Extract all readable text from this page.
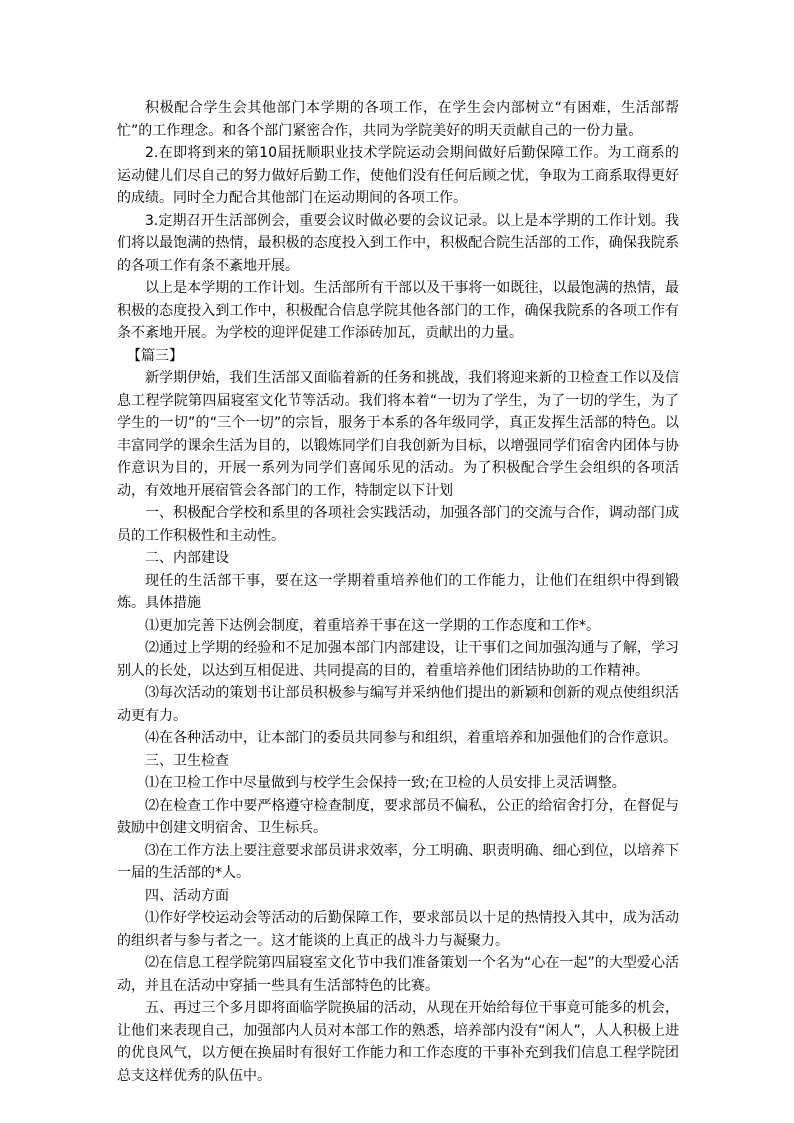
积极配合学生会其他部门本学期的各项工作，在学生会内部树立“有困难，生活部帮忙”的工作理念。和各个部门紧密合作，共同为学院美好的明天贡献自己的一份力量。

2.在即将到来的第10届抚顺职业技术学院运动会期间做好后勤保障工作。为工商系的运动健儿们尽自己的努力做好后勤工作，使他们没有任何后顾之忧，争取为工商系取得更好的成绩。同时全力配合其他部门在运动期间的各项工作。

3.定期召开生活部例会，重要会议时做必要的会议记录。以上是本学期的工作计划。我们将以最饱满的热情，最积极的态度投入到工作中，积极配合院生活部的工作，确保我院系的各项工作有条不紊地开展。

以上是本学期的工作计划。生活部所有干部以及干事将一如既往，以最饱满的热情，最积极的态度投入到工作中，积极配合信息学院其他各部门的工作，确保我院系的各项工作有条不紊地开展。为学校的迎评促建工作添砖加瓦，贡献出的力量。

【篇三】

新学期伊始，我们生活部又面临着新的任务和挑战，我们将迎来新的卫检查工作以及信息工程学院第四届寝室文化节等活动。我们将本着“一切为了学生，为了一切的学生，为了学生的一切”的“三个一切”的宗旨，服务于本系的各年级同学，真正发挥生活部的特色。以丰富同学的课余生活为目的，以锻炼同学们自我创新为目标，以增强同学们宿舍内团体与协作意识为目的，开展一系列为同学们喜闻乐见的活动。为了积极配合学生会组织的各项活动，有效地开展宿管会各部门的工作，特制定以下计划

一、积极配合学校和系里的各项社会实践活动，加强各部门的交流与合作，调动部门成员的工作积极性和主动性。

二、内部建设

现任的生活部干事，要在这一学期着重培养他们的工作能力，让他们在组织中得到锻炼。具体措施

⑴更加完善下达例会制度，着重培养干事在这一学期的工作态度和工作*。

⑵通过上学期的经验和不足加强本部门内部建设，让干事们之间加强沟通与了解，学习别人的长处，以达到互相促进、共同提高的目的，着重培养他们团结协助的工作精神。

⑶每次活动的策划书让部员积极参与编写并采纳他们提出的新颖和创新的观点使组织活动更有力。

⑷在各种活动中，让本部门的委员共同参与和组织，着重培养和加强他们的合作意识。

三、卫生检查

⑴在卫检工作中尽量做到与校学生会保持一致;在卫检的人员安排上灵活调整。

⑵在检查工作中要严格遵守检查制度，要求部员不偏私，公正的给宿舍打分，在督促与鼓励中创建文明宿舍、卫生标兵。

⑶在工作方法上要注意要求部员讲求效率，分工明确、职责明确、细心到位，以培养下一届的生活部的*人。

四、活动方面

⑴作好学校运动会等活动的后勤保障工作，要求部员以十足的热情投入其中，成为活动的组织者与参与者之一。这才能谈的上真正的战斗力与凝聚力。

⑵在信息工程学院第四届寝室文化节中我们准备策划一个名为“心在一起”的大型爱心活动，并且在活动中穿插一些具有生活部特色的比赛。

五、再过三个多月即将面临学院换届的活动，从现在开始给每位干事竟可能多的机会，让他们来表现自己，加强部内人员对本部工作的熟悉，培养部内没有“闲人”，人人积极上进的优良风气，以方便在换届时有很好工作能力和工作态度的干事补充到我们信息工程学院团总支这样优秀的队伍中。
